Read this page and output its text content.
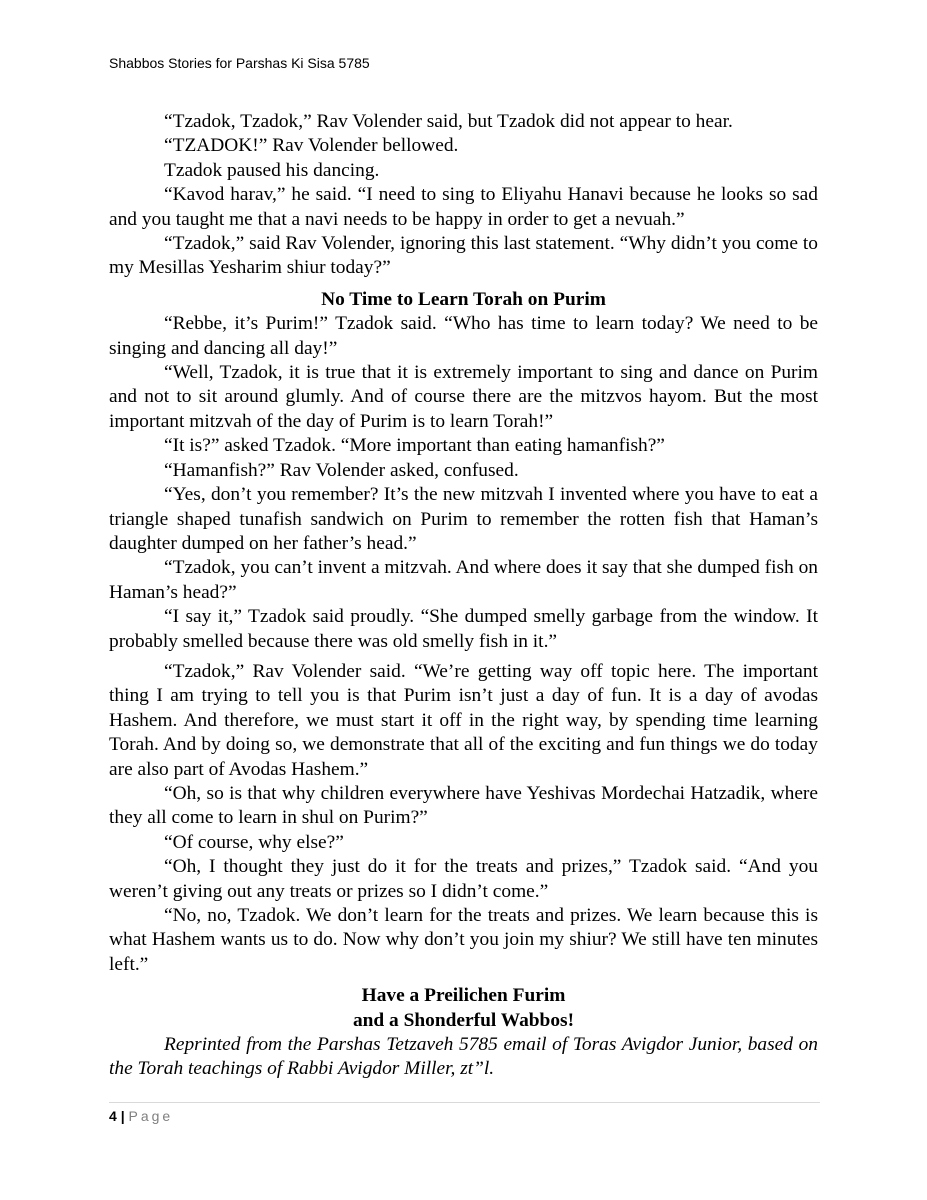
Shabbos Stories for Parshas Ki Sisa 5785

“Tzadok, Tzadok,” Rav Volender said, but Tzadok did not appear to hear.

“TZADOK!” Rav Volender bellowed.

Tzadok paused his dancing.

“Kavod harav,” he said. “I need to sing to Eliyahu Hanavi because he looks so sad and you taught me that a navi needs to be happy in order to get a nevuah.”

“Tzadok,” said Rav Volender, ignoring this last statement. “Why didn’t you come to my Mesillas Yesharim shiur today?”

No Time to Learn Torah on Purim

“Rebbe, it’s Purim!” Tzadok said. “Who has time to learn today? We need to be singing and dancing all day!”

“Well, Tzadok, it is true that it is extremely important to sing and dance on Purim and not to sit around glumly. And of course there are the mitzvos hayom. But the most important mitzvah of the day of Purim is to learn Torah!”

“It is?” asked Tzadok. “More important than eating hamanfish?”

“Hamanfish?” Rav Volender asked, confused.

“Yes, don’t you remember? It’s the new mitzvah I invented where you have to eat a triangle shaped tunafish sandwich on Purim to remember the rotten fish that Haman’s daughter dumped on her father’s head.”

“Tzadok, you can’t invent a mitzvah. And where does it say that she dumped fish on Haman’s head?”

“I say it,” Tzadok said proudly. “She dumped smelly garbage from the window. It probably smelled because there was old smelly fish in it.”

“Tzadok,” Rav Volender said. “We’re getting way off topic here. The important thing I am trying to tell you is that Purim isn’t just a day of fun. It is a day of avodas Hashem. And therefore, we must start it off in the right way, by spending time learning Torah. And by doing so, we demonstrate that all of the exciting and fun things we do today are also part of Avodas Hashem.”

“Oh, so is that why children everywhere have Yeshivas Mordechai Hatzadik, where they all come to learn in shul on Purim?”

“Of course, why else?”

“Oh, I thought they just do it for the treats and prizes,” Tzadok said. “And you weren’t giving out any treats or prizes so I didn’t come.”

“No, no, Tzadok. We don’t learn for the treats and prizes. We learn because this is what Hashem wants us to do. Now why don’t you join my shiur? We still have ten minutes left.”

Have a Preilichen Furim
and a Shonderful Wabbos!

Reprinted from the Parshas Tetzaveh 5785 email of Toras Avigdor Junior, based on the Torah teachings of Rabbi Avigdor Miller, zt”l.

4 | Page
